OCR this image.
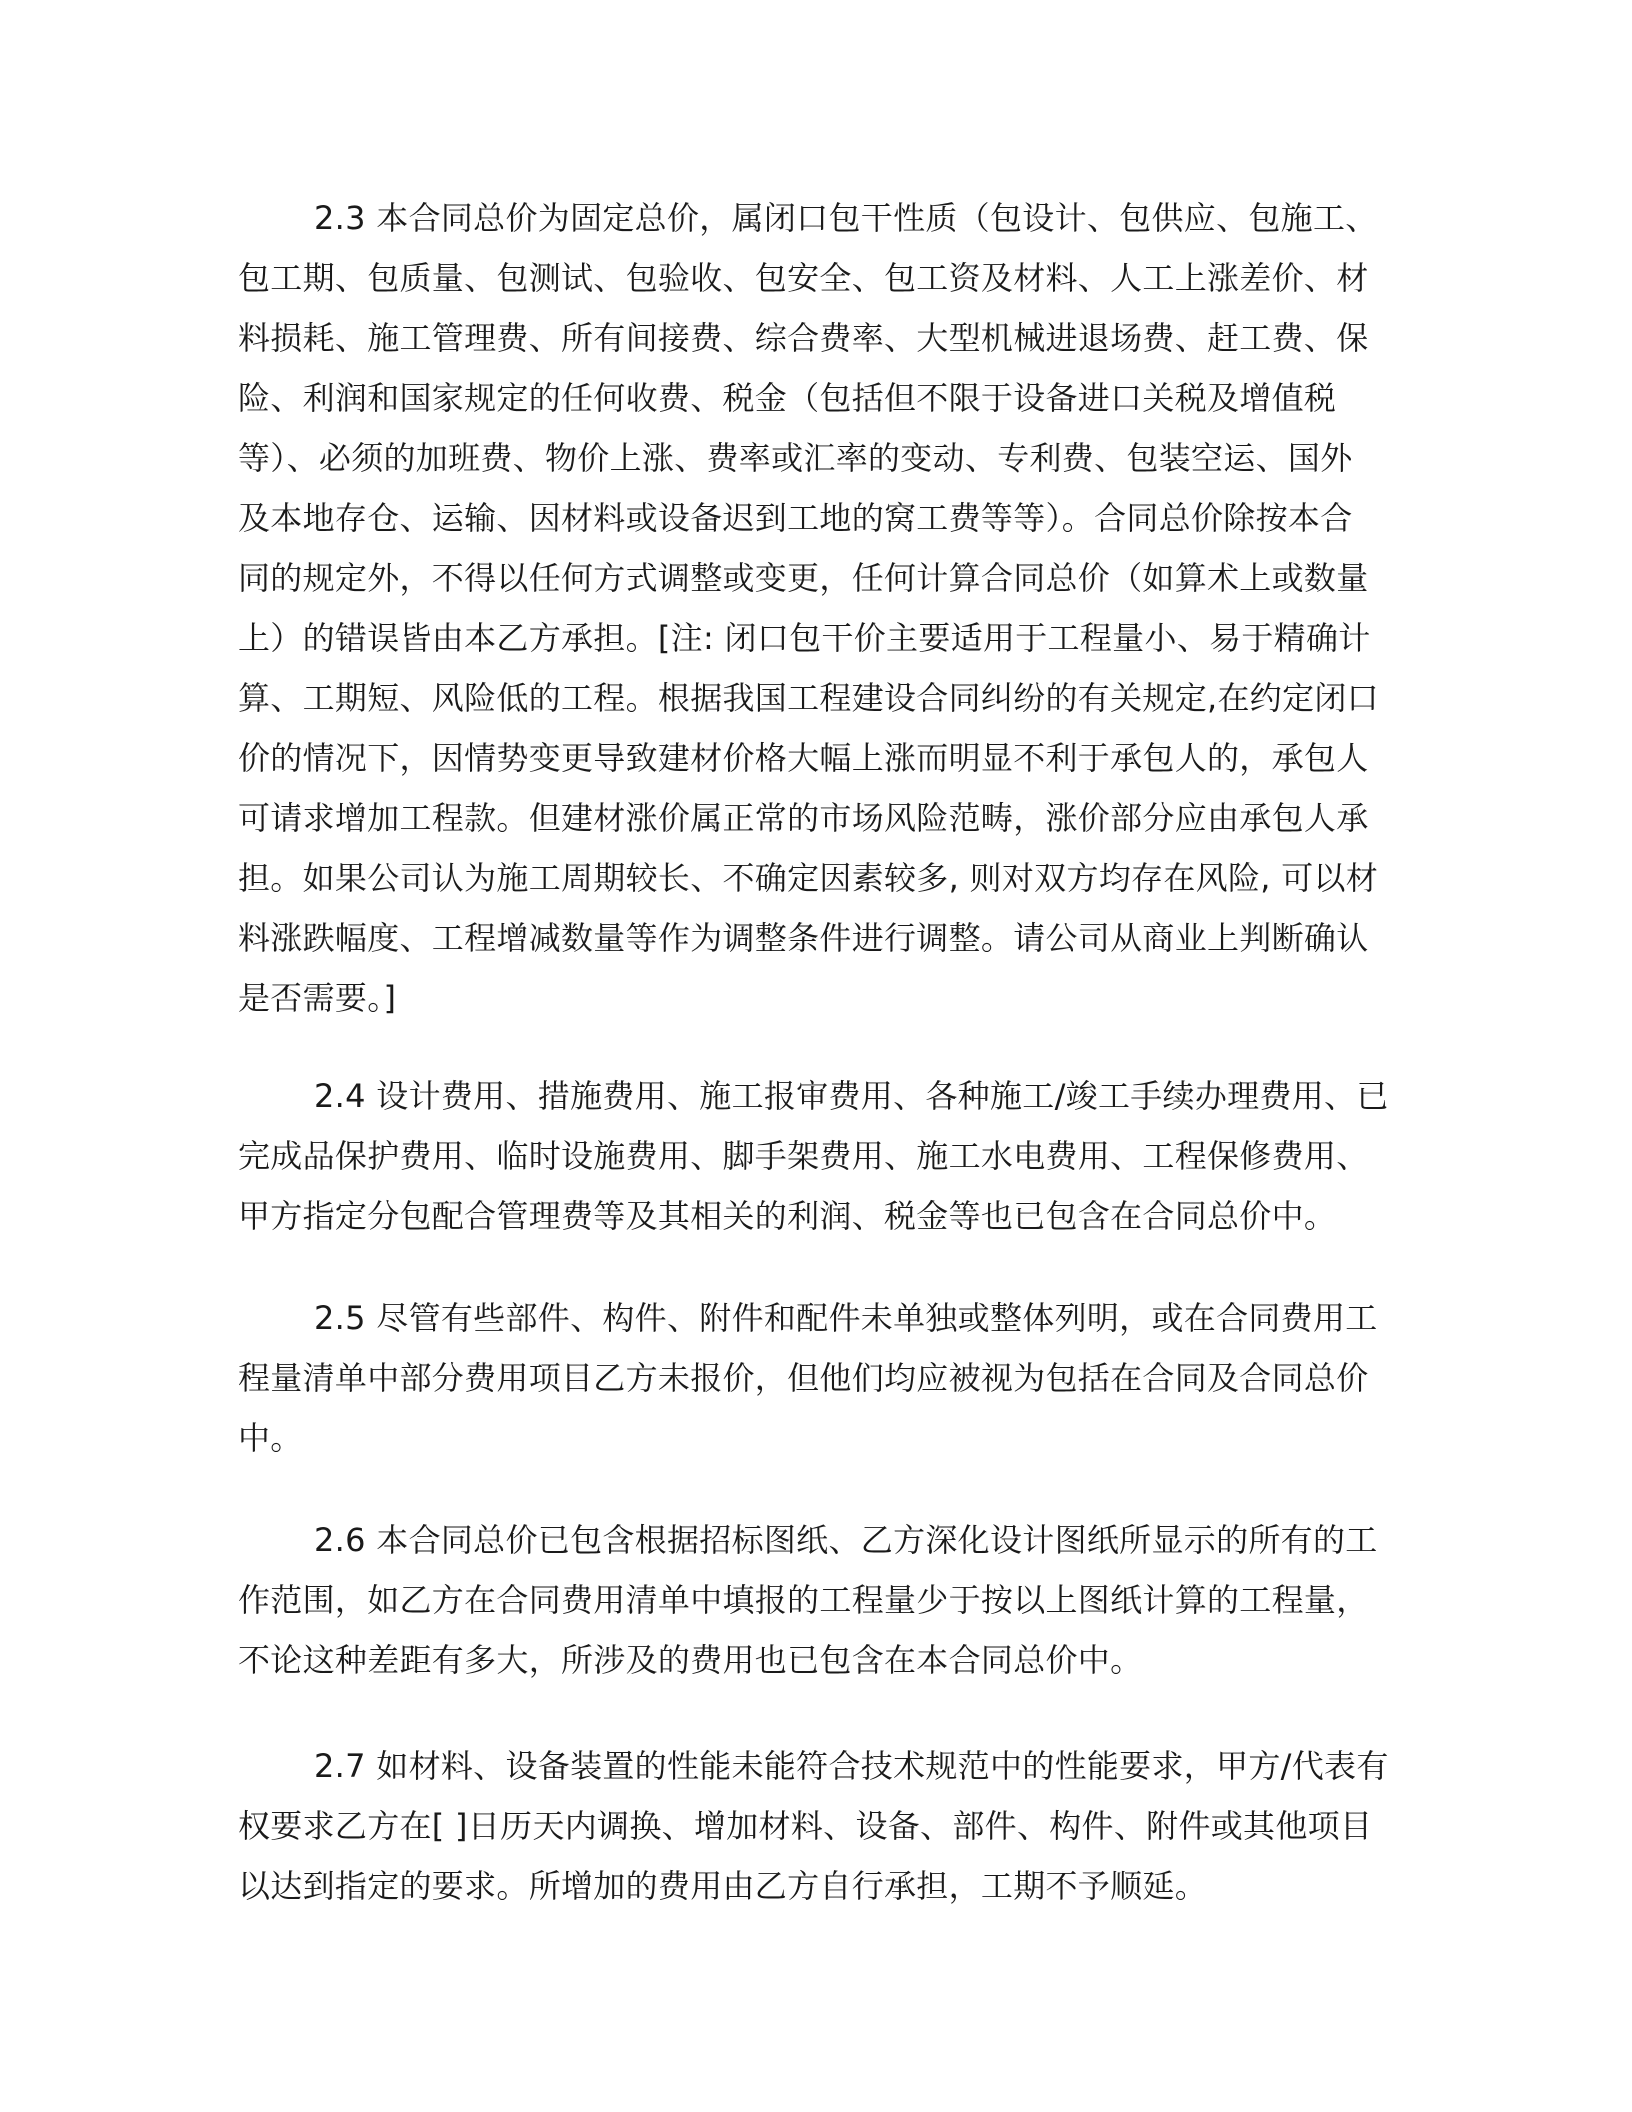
2.3 本合同总价为固定总价，属闭口包干性质（包设计、包供应、包施工、
包工期、包质量、包测试、包验收、包安全、包工资及材料、人工上涨差价、材
料损耗、施工管理费、所有间接费、综合费率、大型机械进退场费、赶工费、保
险、利润和国家规定的任何收费、税金（包括但不限于设备进口关税及增值税
等）、必须的加班费、物价上涨、费率或汇率的变动、专利费、包装空运、国外
及本地存仓、运输、因材料或设备迟到工地的窝工费等等）。合同总价除按本合
同的规定外，不得以任何方式调整或变更，任何计算合同总价（如算术上或数量
上）的错误皆由本乙方承担。[注: 闭口包干价主要适用于工程量小、易于精确计
算、工期短、风险低的工程。根据我国工程建设合同纠纷的有关规定,在约定闭口
价的情况下，因情势变更导致建材价格大幅上涨而明显不利于承包人的，承包人
可请求增加工程款。但建材涨价属正常的市场风险范畴，涨价部分应由承包人承
担。如果公司认为施工周期较长、不确定因素较多, 则对双方均存在风险, 可以材
料涨跌幅度、工程增减数量等作为调整条件进行调整。请公司从商业上判断确认
是否需要。]
2.4 设计费用、措施费用、施工报审费用、各种施工/竣工手续办理费用、已
完成品保护费用、临时设施费用、脚手架费用、施工水电费用、工程保修费用、
甲方指定分包配合管理费等及其相关的利润、税金等也已包含在合同总价中。
2.5 尽管有些部件、构件、附件和配件未单独或整体列明，或在合同费用工
程量清单中部分费用项目乙方未报价，但他们均应被视为包括在合同及合同总价
中。
2.6 本合同总价已包含根据招标图纸、乙方深化设计图纸所显示的所有的工
作范围，如乙方在合同费用清单中填报的工程量少于按以上图纸计算的工程量，
不论这种差距有多大，所涉及的费用也已包含在本合同总价中。
2.7 如材料、设备装置的性能未能符合技术规范中的性能要求，甲方/代表有
权要求乙方在[ ]日历天内调换、增加材料、设备、部件、构件、附件或其他项目
以达到指定的要求。所增加的费用由乙方自行承担，工期不予顺延。
